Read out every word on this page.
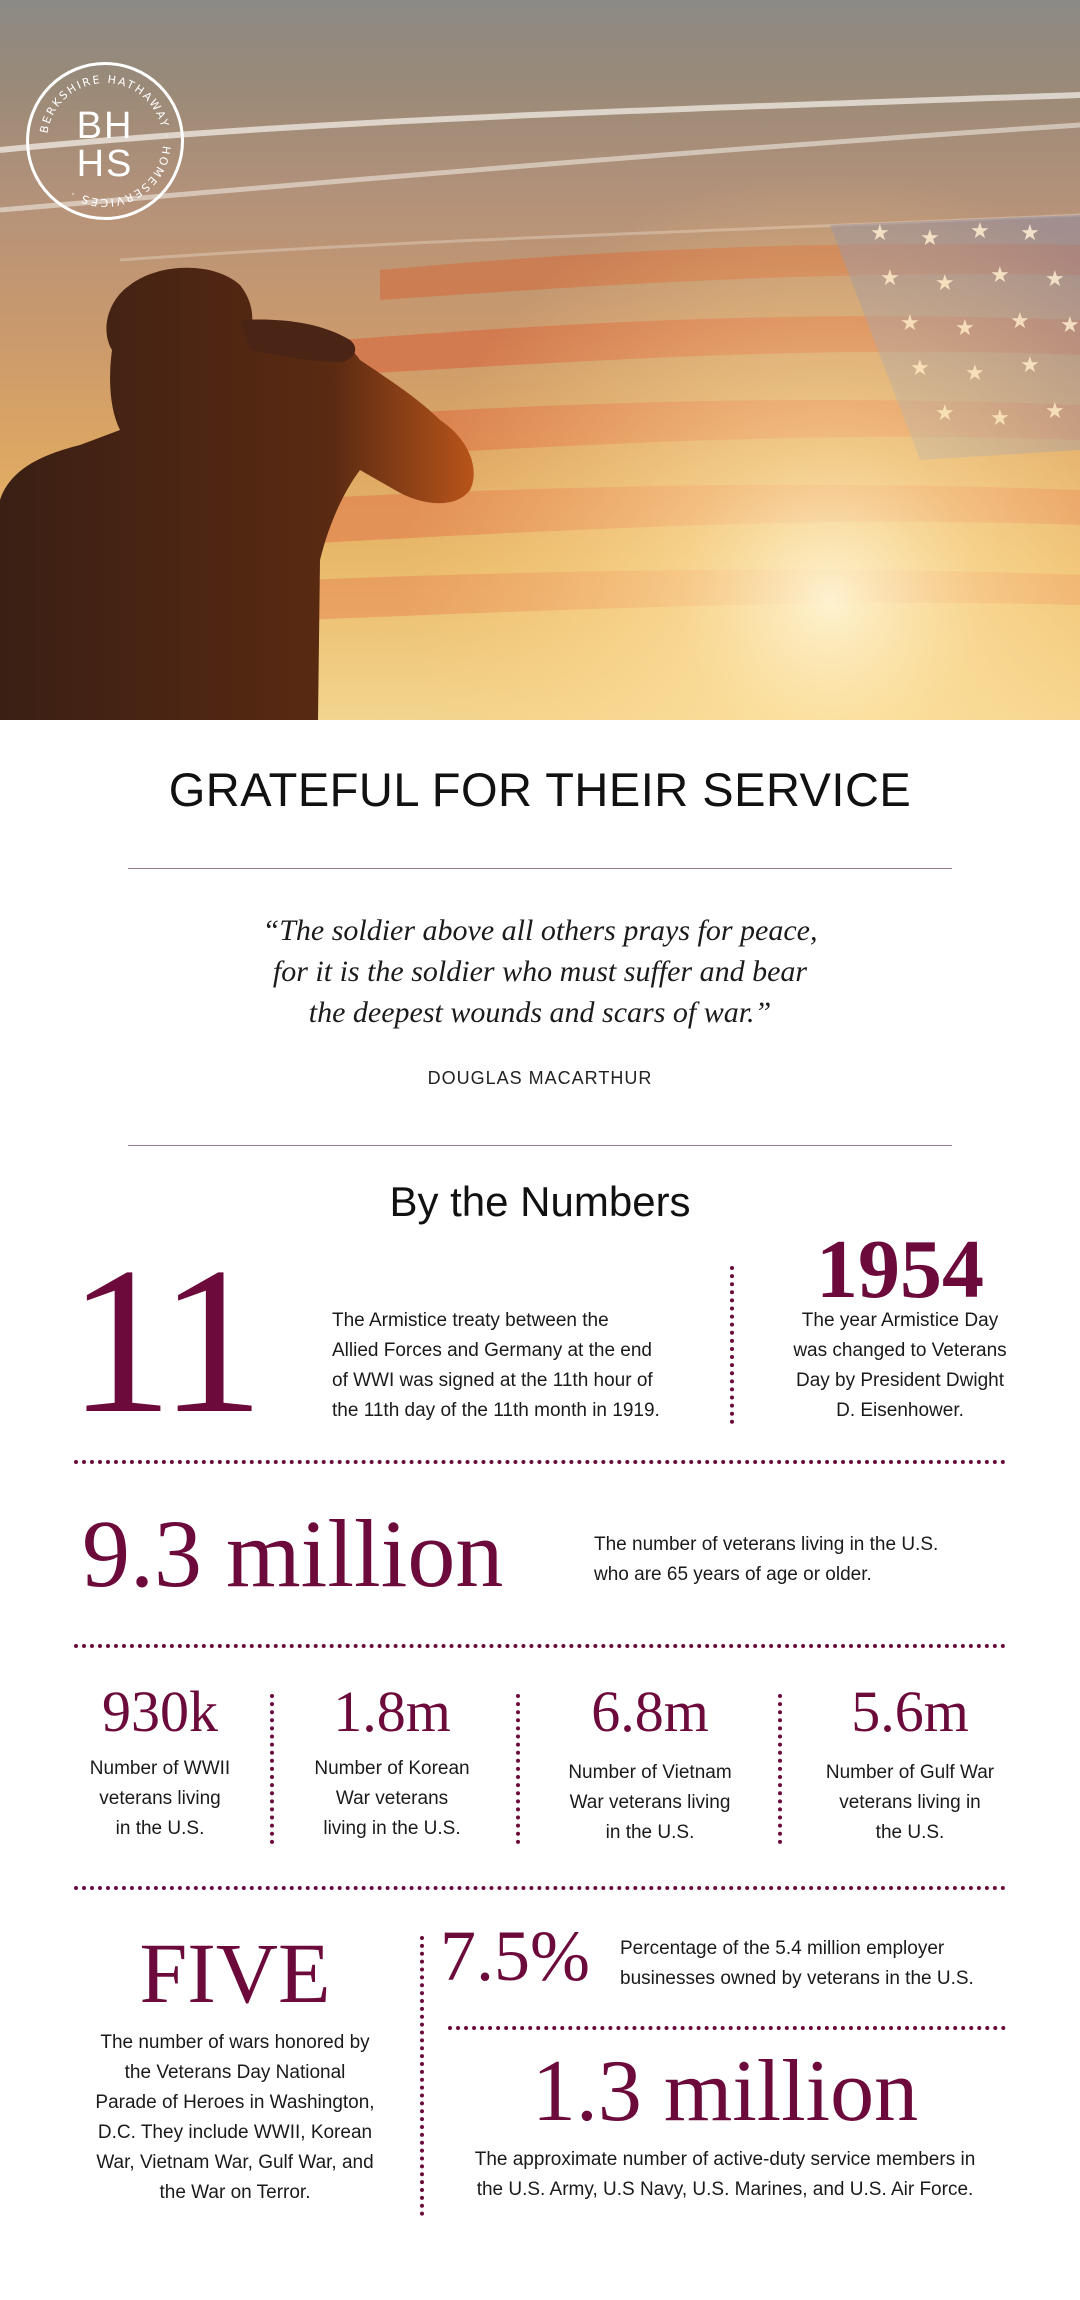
BERKSHIRE HATHAWAY · HOMESERVICES ·
BH
HS
GRATEFUL FOR THEIR SERVICE
“The soldier above all others prays for peace,
for it is the soldier who must suffer and bear
the deepest wounds and scars of war.”
DOUGLAS MACARTHUR
By the Numbers
11	The Armistice treaty between the
Allied Forces and Germany at the end
of WWI was signed at the 11th hour of
the 11th day of the 11th month in 1919.
1954
The year Armistice Day
was changed to Veterans
Day by President Dwight
D. Eisenhower.
9.3 million	The number of veterans living in the U.S.
who are 65 years of age or older.
930k
Number of WWII
veterans living
in the U.S.
1.8m
Number of Korean
War veterans
living in the U.S.
6.8m
Number of Vietnam
War veterans living
in the U.S.
5.6m
Number of Gulf War
veterans living in
the U.S.
FIVE
The number of wars honored by
the Veterans Day National
Parade of Heroes in Washington,
D.C. They include WWII, Korean
War, Vietnam War, Gulf War, and
the War on Terror.
7.5% Percentage of the 5.4 million employer
businesses owned by veterans in the U.S.
1.3 million
The approximate number of active-duty service members in
the U.S. Army, U.S Navy, U.S. Marines, and U.S. Air Force.
